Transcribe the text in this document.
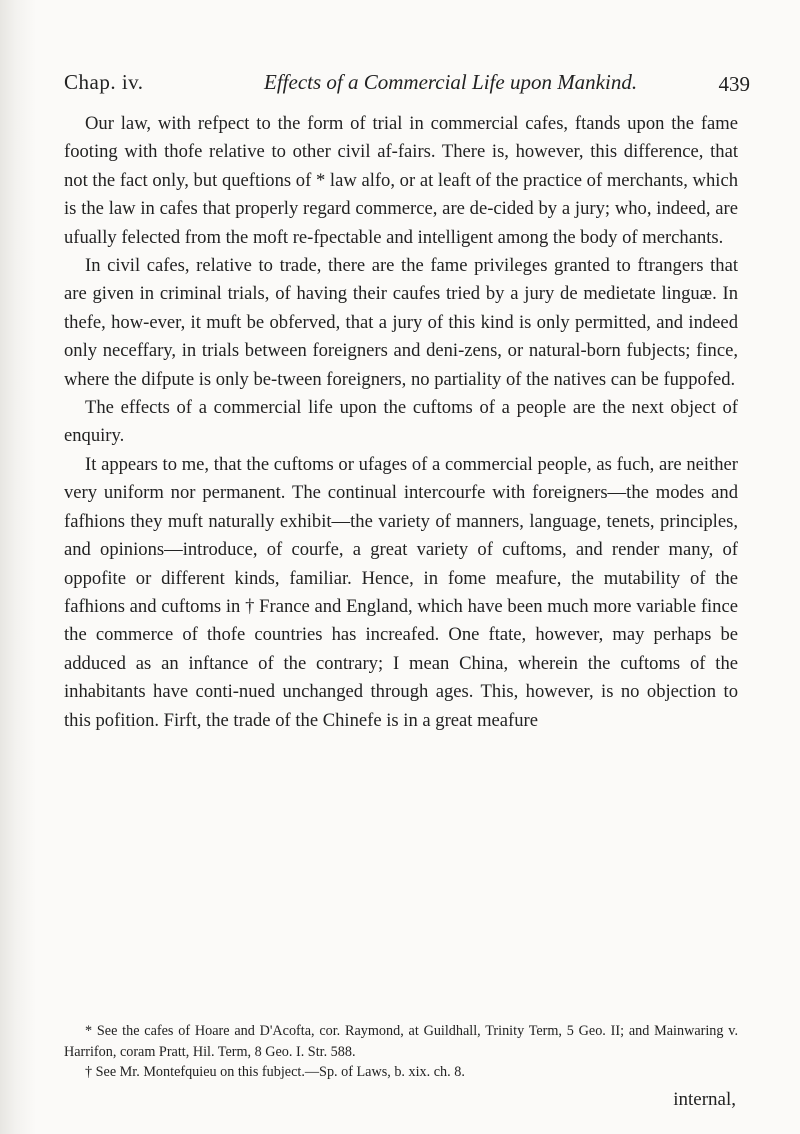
Chap. iv.	Effects of a Commercial Life upon Mankind.	439

Our law, with refpect to the form of trial in commercial cafes, ftands upon the fame footing with thofe relative to other civil af-fairs. There is, however, this difference, that not the fact only, but queftions of * law alfo, or at leaft of the practice of merchants, which is the law in cafes that properly regard commerce, are de-cided by a jury; who, indeed, are ufually felected from the moft re-fpectable and intelligent among the body of merchants.

In civil cafes, relative to trade, there are the fame privileges granted to ftrangers that are given in criminal trials, of having their caufes tried by a jury de medietate linguæ. In thefe, how-ever, it muft be obferved, that a jury of this kind is only permitted, and indeed only neceffary, in trials between foreigners and deni-zens, or natural-born fubjects; fince, where the difpute is only be-tween foreigners, no partiality of the natives can be fuppofed.

The effects of a commercial life upon the cuftoms of a people are the next object of enquiry.

It appears to me, that the cuftoms or ufages of a commercial people, as fuch, are neither very uniform nor permanent. The continual intercourfe with foreigners—the modes and fafhions they muft naturally exhibit—the variety of manners, language, tenets, principles, and opinions—introduce, of courfe, a great variety of cuftoms, and render many, of oppofite or different kinds, familiar. Hence, in fome meafure, the mutability of the fafhions and cuftoms in † France and England, which have been much more variable fince the commerce of thofe countries has increafed. One ftate, however, may perhaps be adduced as an inftance of the contrary; I mean China, wherein the cuftoms of the inhabitants have conti-nued unchanged through ages. This, however, is no objection to this pofition. Firft, the trade of the Chinefe is in a great meafure

* See the cafes of Hoare and D'Acofta, cor. Raymond, at Guildhall, Trinity Term, 5 Geo. II; and Mainwaring v. Harrifon, coram Pratt, Hil. Term, 8 Geo. I. Str. 588.

† See Mr. Montefquieu on this fubject.—Sp. of Laws, b. xix. ch. 8.

internal,
